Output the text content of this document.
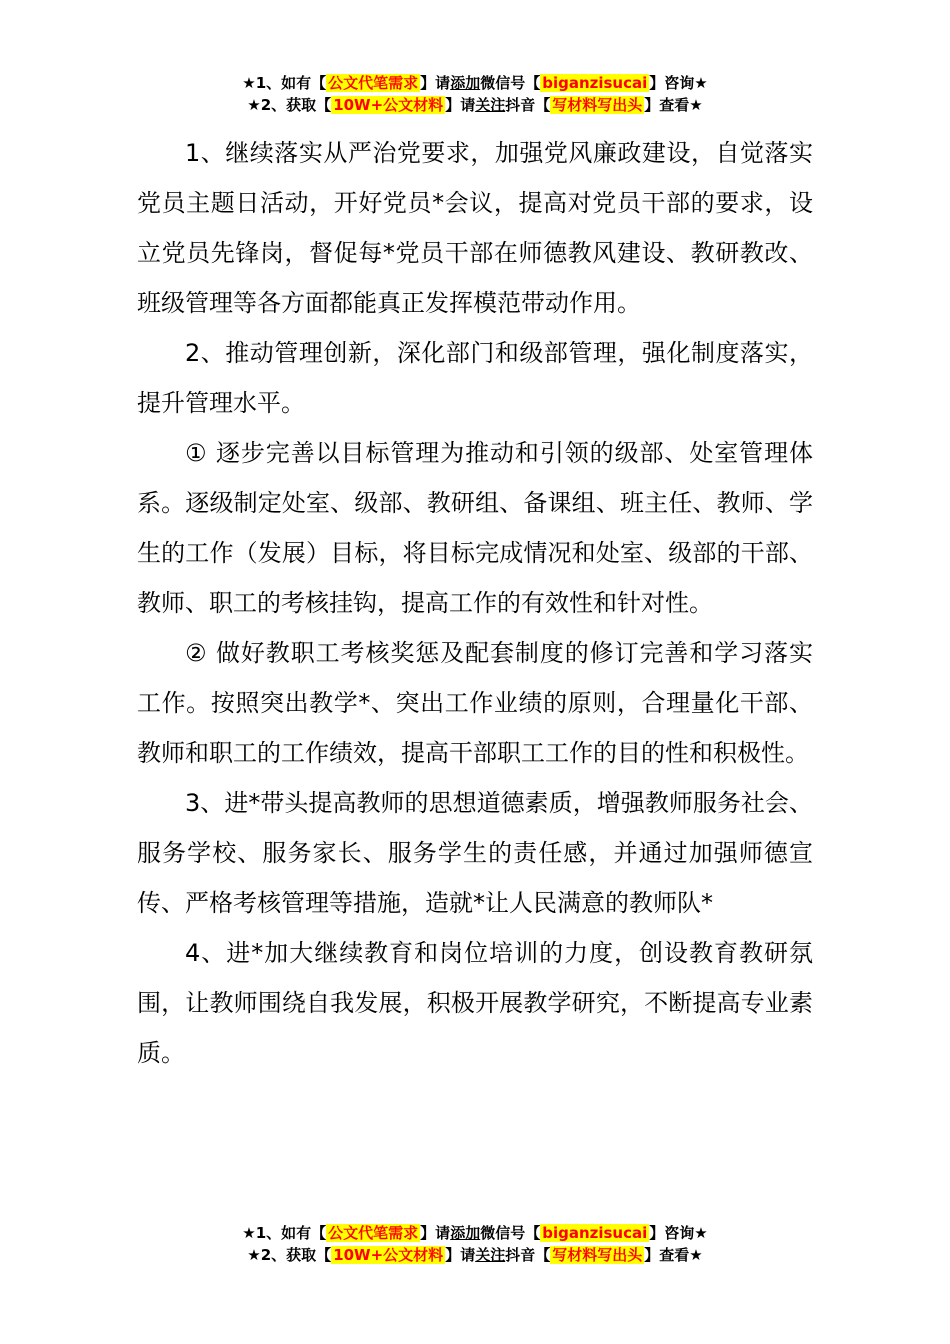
★1、如有【 公文代笔需求 】请添加微信号【 biganzisucai 】咨询★
★2、获取【 10W+公文材料 】请关注抖音【 写材料写出头 】查看★

1、继续落实从严治党要求，加强党风廉政建设，自觉落实党员主题日活动，开好党员*会议，提高对党员干部的要求，设立党员先锋岗，督促每*党员干部在师德教风建设、教研教改、班级管理等各方面都能真正发挥模范带动作用。

2、推动管理创新，深化部门和级部管理，强化制度落实，提升管理水平。

① 逐步完善以目标管理为推动和引领的级部、处室管理体系。逐级制定处室、级部、教研组、备课组、班主任、教师、学生的工作（发展）目标，将目标完成情况和处室、级部的干部、教师、职工的考核挂钩，提高工作的有效性和针对性。

② 做好教职工考核奖惩及配套制度的修订完善和学习落实工作。按照突出教学*、突出工作业绩的原则，合理量化干部、教师和职工的工作绩效，提高干部职工工作的目的性和积极性。

3、进*带头提高教师的思想道德素质，增强教师服务社会、服务学校、服务家长、服务学生的责任感，并通过加强师德宣传、严格考核管理等措施，造就*让人民满意的教师队*

4、进*加大继续教育和岗位培训的力度，创设教育教研氛围，让教师围绕自我发展，积极开展教学研究，不断提高专业素质。

★1、如有【 公文代笔需求 】请添加微信号【 biganzisucai 】咨询★
★2、获取【 10W+公文材料 】请关注抖音【 写材料写出头 】查看★
